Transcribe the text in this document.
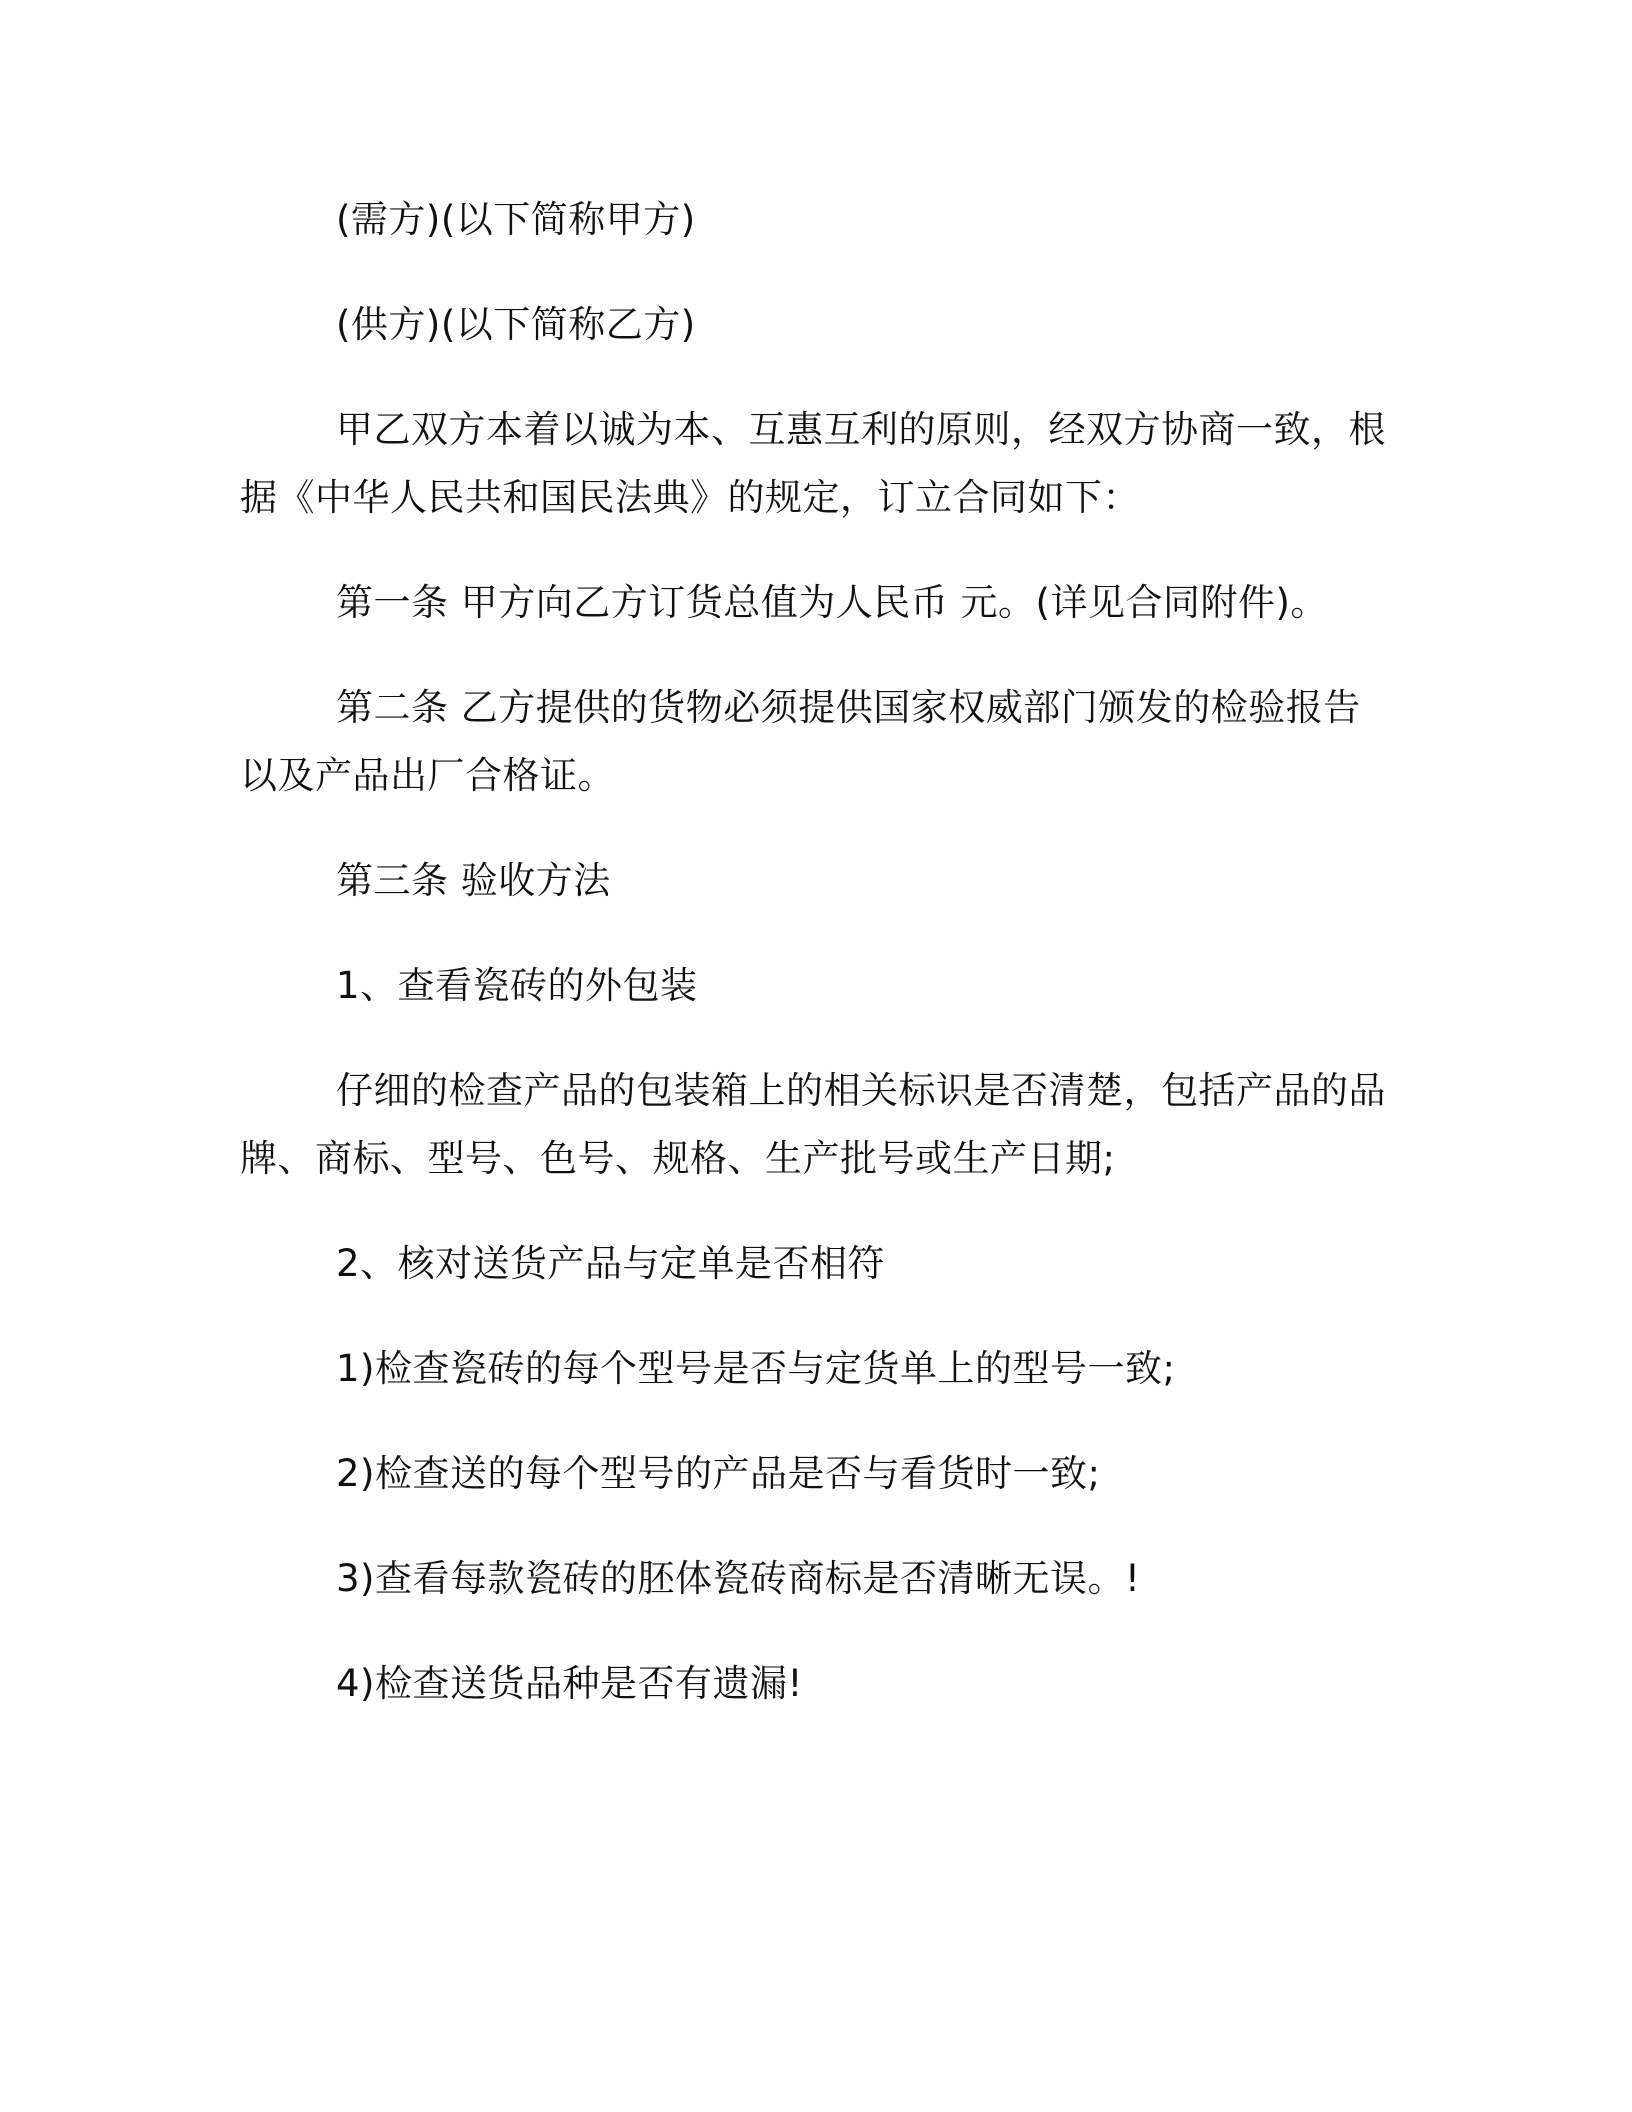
(需方)(以下简称甲方)

(供方)(以下简称乙方)

甲乙双方本着以诚为本、互惠互利的原则，经双方协商一致，根据《中华人民共和国民法典》的规定，订立合同如下：

第一条 甲方向乙方订货总值为人民币 元。(详见合同附件)。

第二条 乙方提供的货物必须提供国家权威部门颁发的检验报告以及产品出厂合格证。

第三条 验收方法

1、查看瓷砖的外包装

仔细的检查产品的包装箱上的相关标识是否清楚，包括产品的品牌、商标、型号、色号、规格、生产批号或生产日期;

2、核对送货产品与定单是否相符

1)检查瓷砖的每个型号是否与定货单上的型号一致;

2)检查送的每个型号的产品是否与看货时一致;

3)查看每款瓷砖的胚体瓷砖商标是否清晰无误。!

4)检查送货品种是否有遗漏!
